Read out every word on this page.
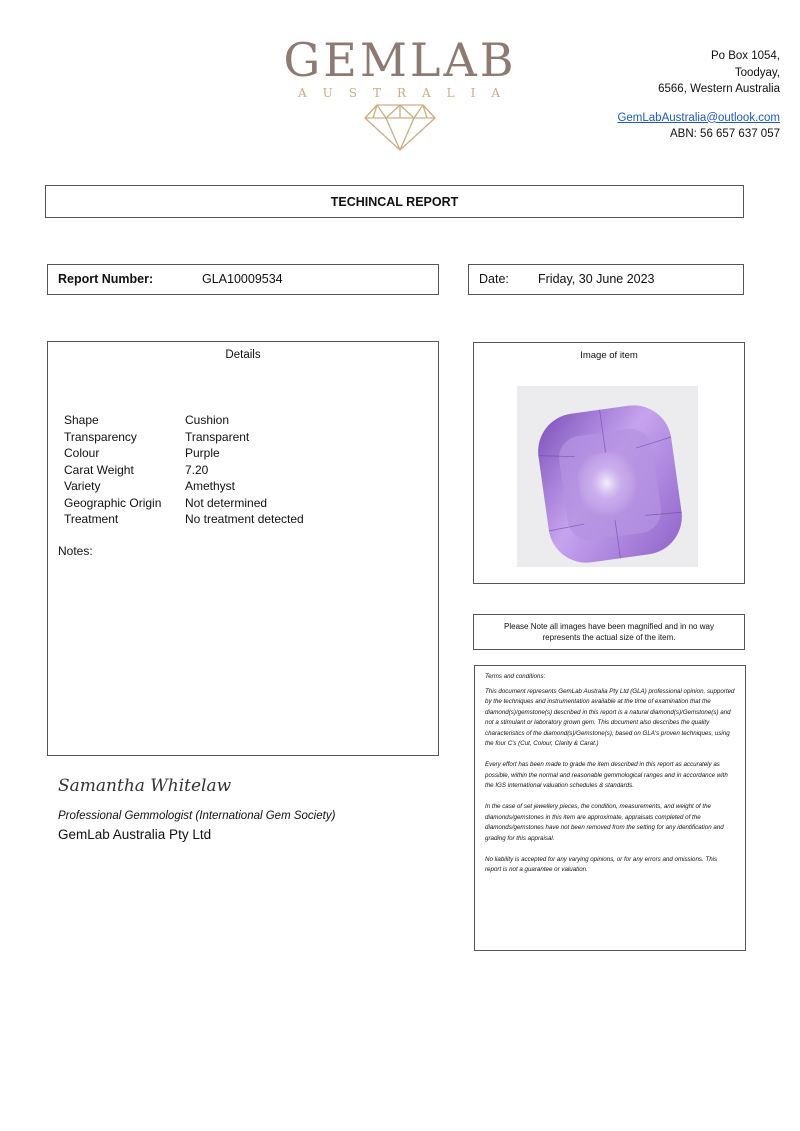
GEMLAB
AUSTRALIA
Po Box 1054,
Toodyay,
6566, Western Australia
GemLabAustralia@outlook.com
ABN: 56 657 637 057
TECHINCAL REPORT
Report Number:	GLA10009534	Date: Friday, 30 June 2023
Details
Shape	Cushion
Transparency	Transparent
Colour	Purple
Carat Weight	7.20
Variety	Amethyst
Geographic Origin	Not determined
Treatment	No treatment detected
Notes:
Image of item
Please Note all images have been magnified and in no way
represents the actual size of the item.

Terms and conditions:

This document represents GemLab Australia Pty Ltd (GLA) professional opinion, supported by the techniques and instrumentation available at the time of examination that the diamond(s)/gemstone(s) described in this report is a natural diamond(s)/Gemstone(s) and not a stimulant or laboratory grown gem. This document also describes the quality characteristics of the diamond(s)/Gemstone(s), based on GLA's proven techniques, using the four C's (Cut, Colour, Clarity & Carat.)

Every effort has been made to grade the item described in this report as accurately as possible, within the normal and reasonable gemmological ranges and in accordance with the IGS international valuation schedules & standards.

In the case of set jewellery pieces, the condition, measurements, and weight of the diamonds/gemstones in this item are approximate, appraisals completed of the diamonds/gemstones have not been removed from the setting for any identification and grading for this appraisal.

No liability is accepted for any varying opinions, or for any errors and omissions. This report is not a guarantee or valuation.

Samantha Whitelaw
Professional Gemmologist (International Gem Society)
GemLab Australia Pty Ltd
